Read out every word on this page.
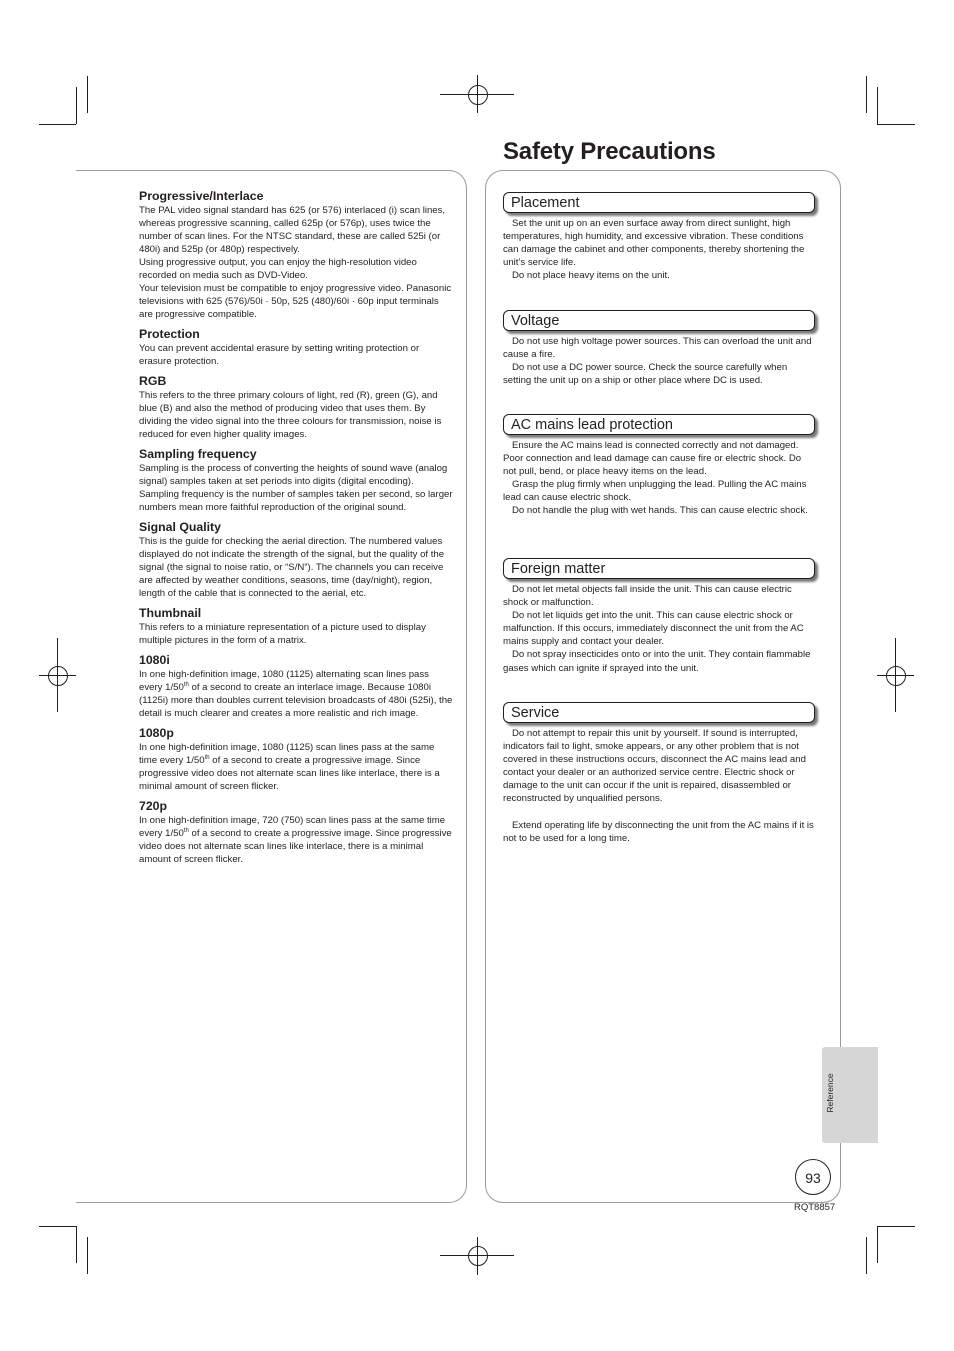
Safety Precautions
Progressive/Interlace

The PAL video signal standard has 625 (or 576) interlaced (i) scan lines, whereas progressive scanning, called 625p (or 576p), uses twice the number of scan lines. For the NTSC standard, these are called 525i (or 480i) and 525p (or 480p) respectively.

Using progressive output, you can enjoy the high-resolution video recorded on media such as DVD-Video.

Your television must be compatible to enjoy progressive video. Panasonic televisions with 625 (576)/50i · 50p, 525 (480)/60i · 60p input terminals are progressive compatible.

Protection

You can prevent accidental erasure by setting writing protection or erasure protection.

RGB

This refers to the three primary colours of light, red (R), green (G), and blue (B) and also the method of producing video that uses them. By dividing the video signal into the three colours for transmission, noise is reduced for even higher quality images.

Sampling frequency

Sampling is the process of converting the heights of sound wave (analog signal) samples taken at set periods into digits (digital encoding). Sampling frequency is the number of samples taken per second, so larger numbers mean more faithful reproduction of the original sound.

Signal Quality

This is the guide for checking the aerial direction. The numbered values displayed do not indicate the strength of the signal, but the quality of the signal (the signal to noise ratio, or “S/N”). The channels you can receive are affected by weather conditions, seasons, time (day/night), region, length of the cable that is connected to the aerial, etc.

Thumbnail

This refers to a miniature representation of a picture used to display multiple pictures in the form of a matrix.

1080i

In one high-definition image, 1080 (1125) alternating scan lines pass every 1/50th of a second to create an interlace image. Because 1080i (1125i) more than doubles current television broadcasts of 480i (525i), the detail is much clearer and creates a more realistic and rich image.

1080p

In one high-definition image, 1080 (1125) scan lines pass at the same time every 1/50th of a second to create a progressive image. Since progressive video does not alternate scan lines like interlace, there is a minimal amount of screen flicker.

720p

In one high-definition image, 720 (750) scan lines pass at the same time every 1/50th of a second to create a progressive image. Since progressive video does not alternate scan lines like interlace, there is a minimal amount of screen flicker.

Placement

Set the unit up on an even surface away from direct sunlight, high temperatures, high humidity, and excessive vibration. These conditions can damage the cabinet and other components, thereby shortening the unit’s service life.

Do not place heavy items on the unit.

Voltage

Do not use high voltage power sources. This can overload the unit and cause a fire.

Do not use a DC power source. Check the source carefully when setting the unit up on a ship or other place where DC is used.

AC mains lead protection

Ensure the AC mains lead is connected correctly and not damaged. Poor connection and lead damage can cause fire or electric shock. Do not pull, bend, or place heavy items on the lead.

Grasp the plug firmly when unplugging the lead. Pulling the AC mains lead can cause electric shock.

Do not handle the plug with wet hands. This can cause electric shock.

Foreign matter

Do not let metal objects fall inside the unit. This can cause electric shock or malfunction.

Do not let liquids get into the unit. This can cause electric shock or malfunction. If this occurs, immediately disconnect the unit from the AC mains supply and contact your dealer.

Do not spray insecticides onto or into the unit. They contain flammable gases which can ignite if sprayed into the unit.

Service

Do not attempt to repair this unit by yourself. If sound is interrupted, indicators fail to light, smoke appears, or any other problem that is not covered in these instructions occurs, disconnect the AC mains lead and contact your dealer or an authorized service centre. Electric shock or damage to the unit can occur if the unit is repaired, disassembled or reconstructed by unqualified persons.

Extend operating life by disconnecting the unit from the AC mains if it is not to be used for a long time.

Reference
93
RQT8857
